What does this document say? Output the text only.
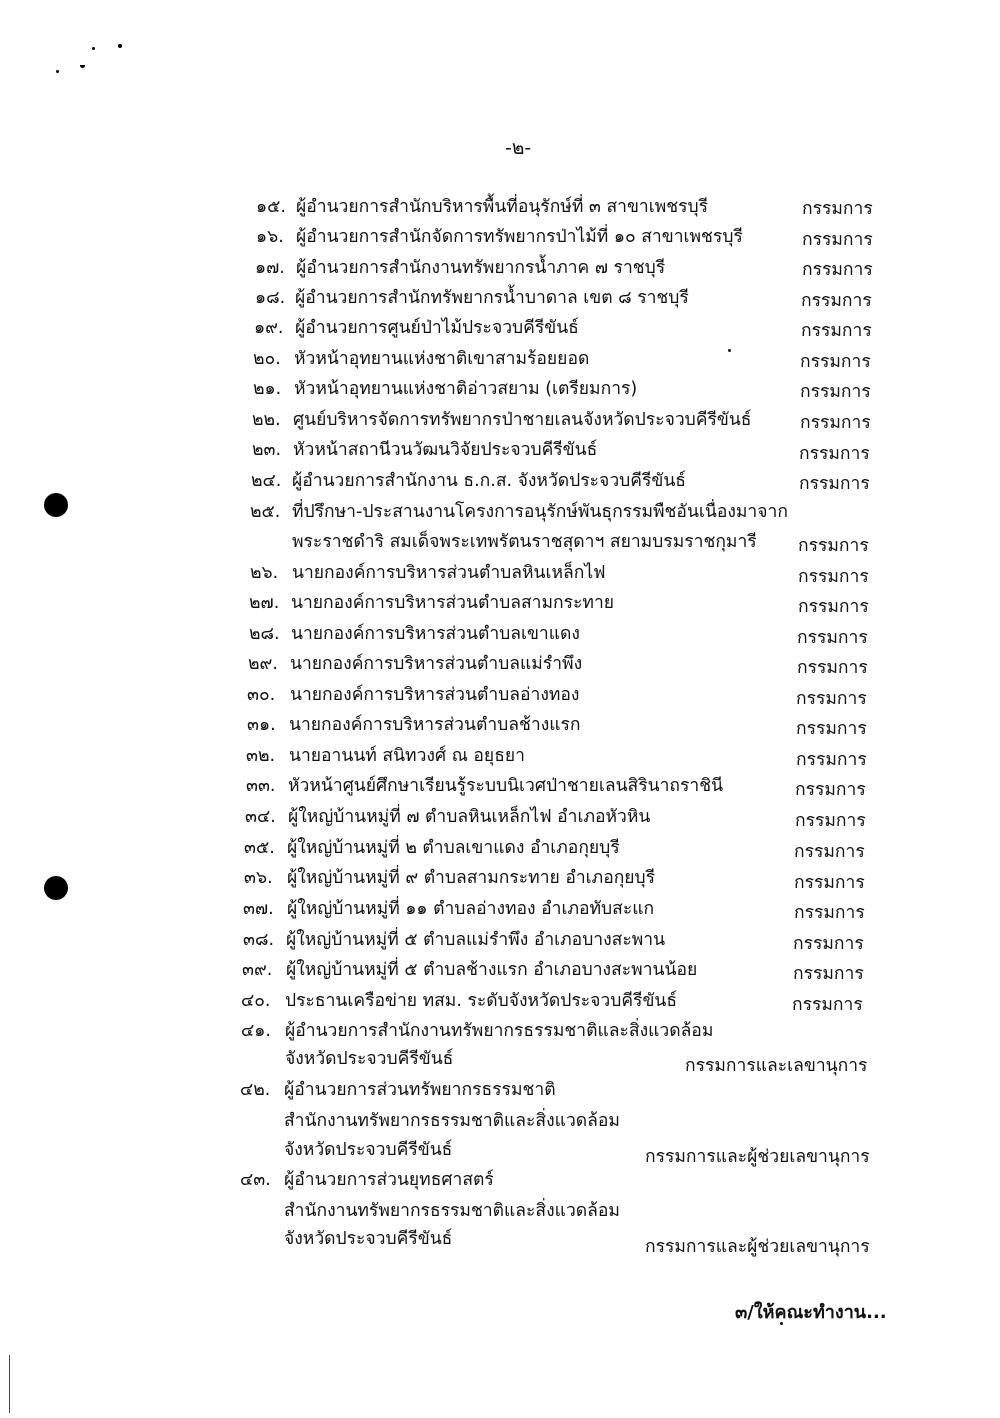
-๒-
๑๕. ผู้อำนวยการสำนักบริหารพื้นที่อนุรักษ์ที่ ๓ สาขาเพชรบุรี	กรรมการ
๑๖. ผู้อำนวยการสำนักจัดการทรัพยากรป่าไม้ที่ ๑๐ สาขาเพชรบุรี	กรรมการ
๑๗. ผู้อำนวยการสำนักงานทรัพยากรน้ำภาค ๗ ราชบุรี	กรรมการ
๑๘. ผู้อำนวยการสำนักทรัพยากรน้ำบาดาล เขต ๘ ราชบุรี	กรรมการ
๑๙. ผู้อำนวยการศูนย์ป่าไม้ประจวบคีรีขันธ์	กรรมการ
๒๐. หัวหน้าอุทยานแห่งชาติเขาสามร้อยยอด	กรรมการ
๒๑. หัวหน้าอุทยานแห่งชาติอ่าวสยาม (เตรียมการ)	กรรมการ
๒๒. ศูนย์บริหารจัดการทรัพยากรป่าชายเลนจังหวัดประจวบคีรีขันธ์	กรรมการ
๒๓. หัวหน้าสถานีวนวัฒนวิจัยประจวบคีรีขันธ์	กรรมการ
๒๔. ผู้อำนวยการสำนักงาน ธ.ก.ส. จังหวัดประจวบคีรีขันธ์	กรรมการ
๒๕. ที่ปรึกษา-ประสานงานโครงการอนุรักษ์พันธุกรรมพืชอันเนื่องมาจาก
พระราชดำริ สมเด็จพระเทพรัตนราชสุดาฯ สยามบรมราชกุมารี กรรมการ
๒๖. นายกองค์การบริหารส่วนตำบลหินเหล็กไฟ	กรรมการ
๒๗. นายกองค์การบริหารส่วนตำบลสามกระทาย	กรรมการ
๒๘. นายกองค์การบริหารส่วนตำบลเขาแดง	กรรมการ
๒๙. นายกองค์การบริหารส่วนตำบลแม่รำพึง	กรรมการ
๓๐. นายกองค์การบริหารส่วนตำบลอ่างทอง	กรรมการ
๓๑. นายกองค์การบริหารส่วนตำบลช้างแรก	กรรมการ
๓๒. นายอานนท์ สนิทวงศ์ ณ อยุธยา	กรรมการ
๓๓. หัวหน้าศูนย์ศึกษาเรียนรู้ระบบนิเวศป่าชายเลนสิรินาถราชินี	กรรมการ
๓๔. ผู้ใหญ่บ้านหมู่ที่ ๗ ตำบลหินเหล็กไฟ อำเภอหัวหิน	กรรมการ
๓๕. ผู้ใหญ่บ้านหมู่ที่ ๒ ตำบลเขาแดง อำเภอกุยบุรี	กรรมการ
๓๖. ผู้ใหญ่บ้านหมู่ที่ ๙ ตำบลสามกระทาย อำเภอกุยบุรี	กรรมการ
๓๗. ผู้ใหญ่บ้านหมู่ที่ ๑๑ ตำบลอ่างทอง อำเภอทับสะแก	กรรมการ
๓๘. ผู้ใหญ่บ้านหมู่ที่ ๕ ตำบลแม่รำพึง อำเภอบางสะพาน	กรรมการ
๓๙. ผู้ใหญ่บ้านหมู่ที่ ๕ ตำบลช้างแรก อำเภอบางสะพานน้อย	กรรมการ
๔๐. ประธานเครือข่าย ทสม. ระดับจังหวัดประจวบคีรีขันธ์	กรรมการ
๔๑. ผู้อำนวยการสำนักงานทรัพยากรธรรมชาติและสิ่งแวดล้อม
จังหวัดประจวบคีรีขันธ์	กรรมการและเลขานุการ
๔๒. ผู้อำนวยการส่วนทรัพยากรธรรมชาติ
สำนักงานทรัพยากรธรรมชาติและสิ่งแวดล้อม
จังหวัดประจวบคีรีขันธ์	กรรมการและผู้ช่วยเลขานุการ
๔๓. ผู้อำนวยการส่วนยุทธศาสตร์
สำนักงานทรัพยากรธรรมชาติและสิ่งแวดล้อม
จังหวัดประจวบคีรีขันธ์	กรรมการและผู้ช่วยเลขานุการ
๓/ให้คณะทำงาน...
